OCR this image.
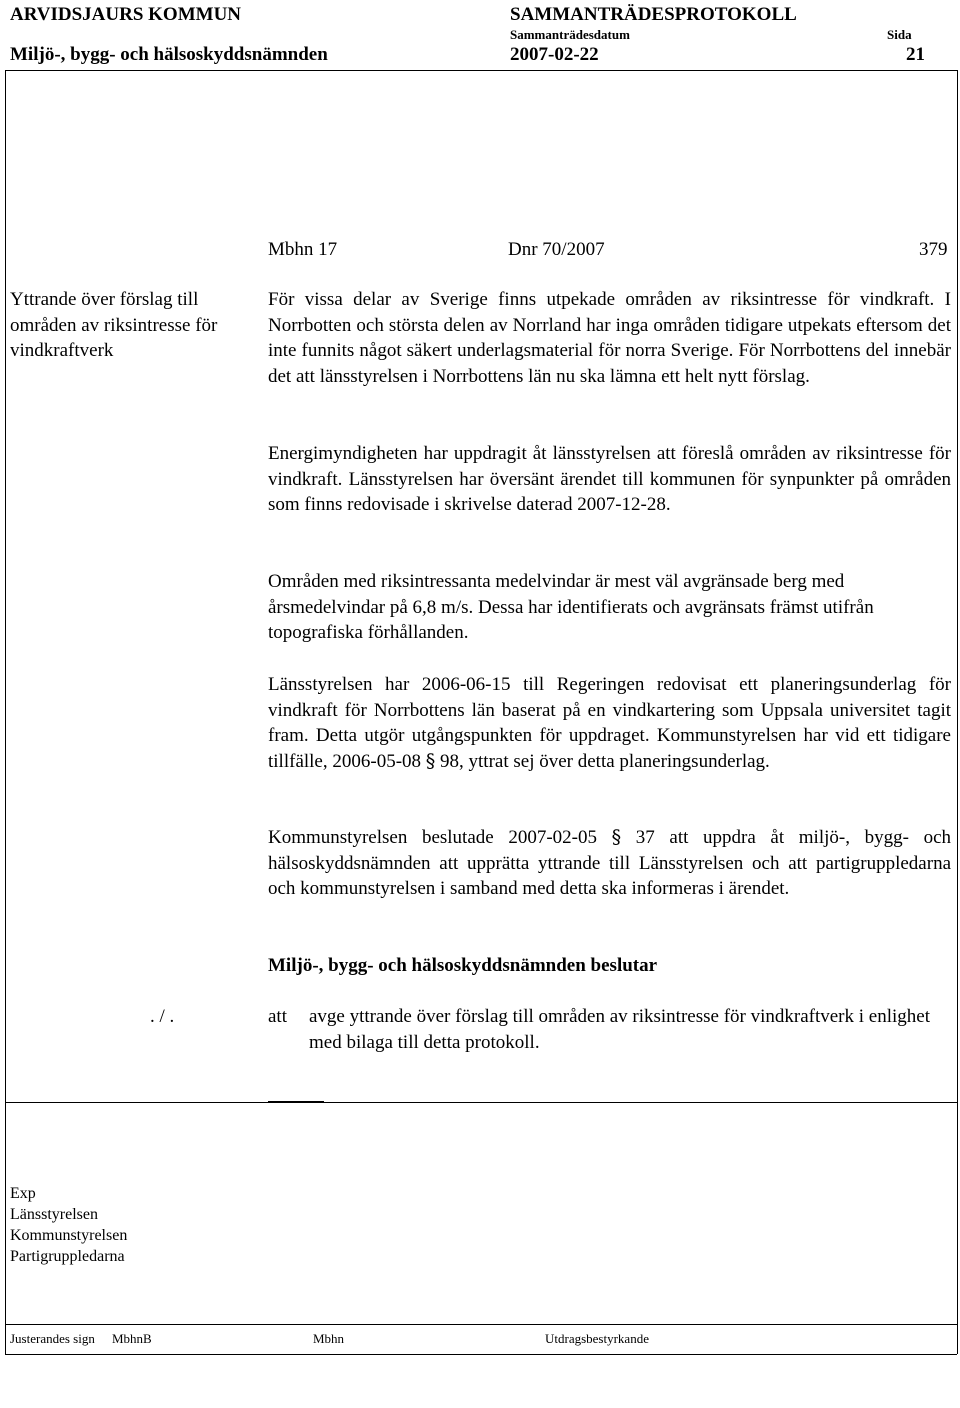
ARVIDSJAURS KOMMUN	SAMMANTRÄDESPROTOKOLL
Sammanträdesdatum	Sida
Miljö-, bygg- och hälsoskyddsnämnden	2007-02-22	21
Mbhn 17	Dnr 70/2007	379
Yttrande över förslag till områden av riksintresse för vindkraftverk
För vissa delar av Sverige finns utpekade områden av riksintresse för vindkraft. I Norrbotten och största delen av Norrland har inga områden tidigare utpekats eftersom det inte funnits något säkert underlagsmaterial för norra Sverige. För Norrbottens del innebär det att länsstyrelsen i Norrbottens län nu ska lämna ett helt nytt förslag.
Energimyndigheten har uppdragit åt länsstyrelsen att föreslå områden av riksintresse för vindkraft. Länsstyrelsen har översänt ärendet till kommunen för synpunkter på områden som finns redovisade i skrivelse daterad 2007-12-28.
Områden med riksintressanta medelvindar är mest väl avgränsade berg med årsmedelvindar på 6,8 m/s. Dessa har identifierats och avgränsats främst utifrån topografiska förhållanden.
Länsstyrelsen har 2006-06-15 till Regeringen redovisat ett planeringsunderlag för vindkraft för Norrbottens län baserat på en vindkartering som Uppsala universitet tagit fram. Detta utgör utgångspunkten för uppdraget. Kommunstyrelsen har vid ett tidigare tillfälle, 2006-05-08 § 98, yttrat sej över detta planeringsunderlag.
Kommunstyrelsen beslutade 2007-02-05 § 37 att uppdra åt miljö-, bygg- och hälsoskyddsnämnden att upprätta yttrande till Länsstyrelsen och att partigruppledarna och kommunstyrelsen i samband med detta ska informeras i ärendet.
Miljö-, bygg- och hälsoskyddsnämnden beslutar
. / .	att avge yttrande över förslag till områden av riksintresse för vindkraftverk i enlighet med bilaga till detta protokoll.
Exp
Länsstyrelsen
Kommunstyrelsen
Partigruppledarna
Justerandes sign MbhnB	Mbhn	Utdragsbestyrkande
